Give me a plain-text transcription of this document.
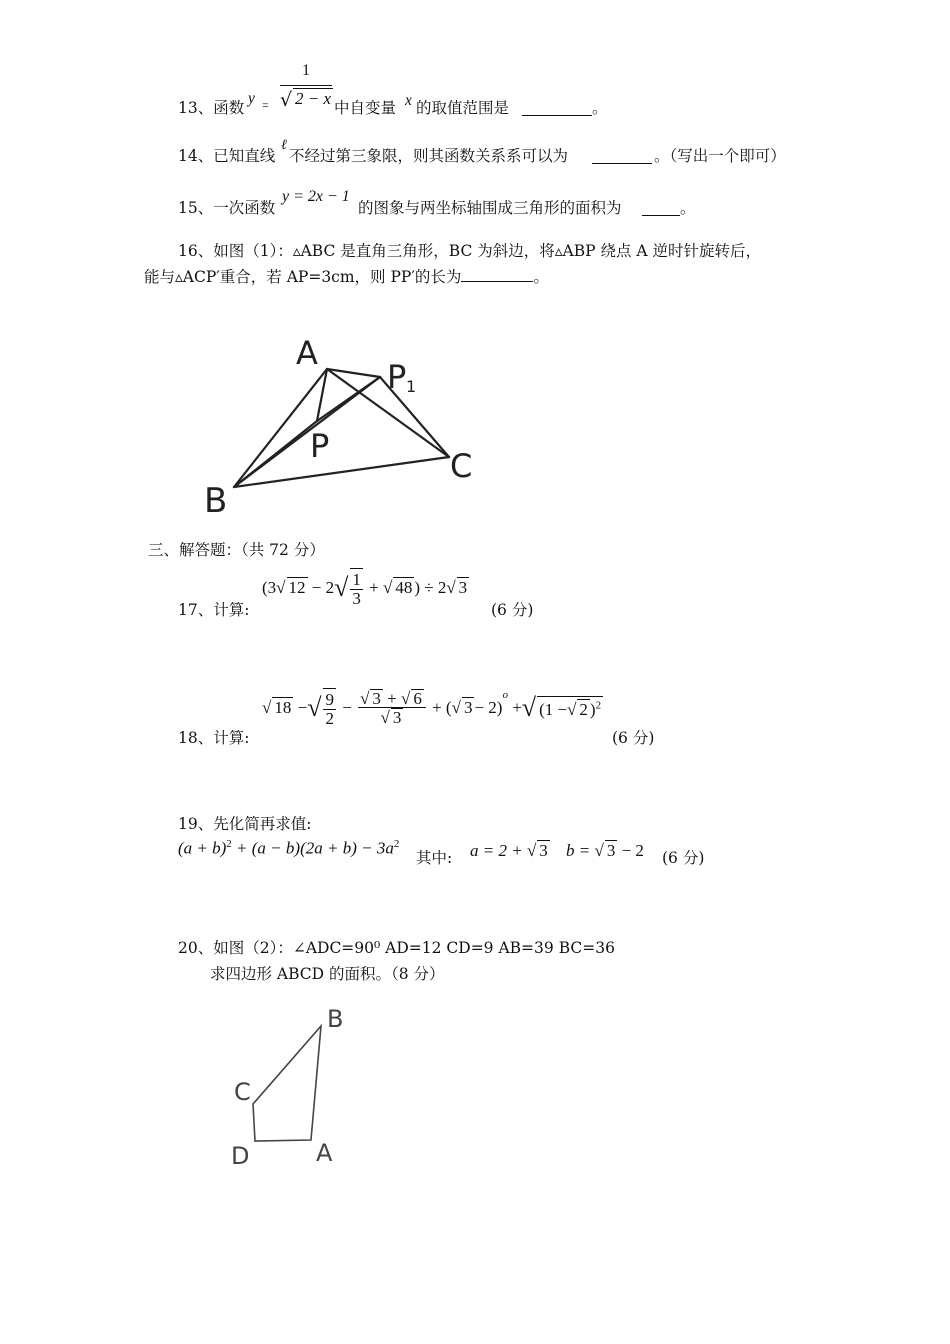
13、函数
y =
1
√ 2 − x 中自变量 x 的取值范围是	。
14、已知直线
ℓ
不经过第三象限，则其函数关系系可以为	。（写出一个即可）
15、一次函数
y = 2x − 1
的图象与两坐标轴围成三角形的面积为	。
16、如图（1）：▵ABC 是直角三角形，BC 为斜边，将▵ABP 绕点 A 逆时针旋转后，
能与▵ACP′重合，若 AP=3cm，则 PP′的长为	。
A
P 1
P
B
C
三、解答题：（共 72 分）
17、计算:
(3√ $12 - 2√ \frac{1}{3}$ + √ 48 ) ÷ 2√ 3
(6 分)
18、计算:
√ 18 −√ $\frac{9}{2} - \frac{√ 3 + √ 6}{√ 3}$ + (√ 3 − 2)$^o$ +√ (1 −√ 2 )$^2$
(6 分)
19、先化简再求值:
$(a + b)^2 + (a - b)(2a + b) - 3a^2$
其中: a = 2 + √ 3 b = √ 3 − 2 (6 分)
20、如图（2）：∠ADC=90⁰ AD=12 CD=9 AB=39 BC=36
求四边形 ABCD 的面积。（8 分）
B
C
D	A
